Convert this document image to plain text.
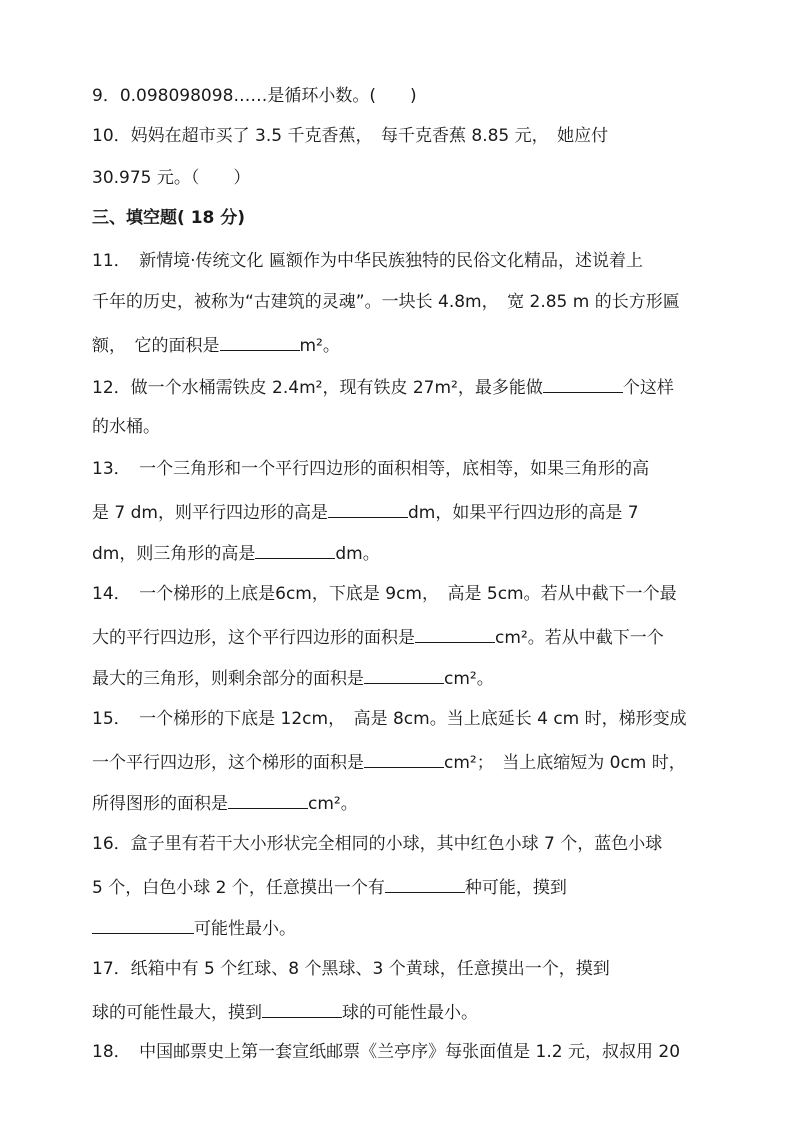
9．0.098098098……是循环小数。(　　)
10．妈妈在超市买了 3.5 千克香蕉，　每千克香蕉 8.85 元，　她应付
30.975 元。（　　）
三、填空题( 18 分)
11．　新情境·传统文化 匾额作为中华民族独特的民俗文化精品，述说着上
千年的历史，被称为“古建筑的灵魂”。一块长 4.8m，　宽 2.85 m 的长方形匾
额，　它的面积是	m²。
12．做一个水桶需铁皮 2.4m²，现有铁皮 27m²，最多能做	个这样
的水桶。
13．　一个三角形和一个平行四边形的面积相等，底相等，如果三角形的高
是 7 dm，则平行四边形的高是	dm，如果平行四边形的高是 7
dm，则三角形的高是	dm。
14．　一个梯形的上底是6cm，下底是 9cm，　高是 5cm。若从中截下一个最
大的平行四边形，这个平行四边形的面积是	cm²。若从中截下一个
最大的三角形，则剩余部分的面积是	cm²。
15．　一个梯形的下底是 12cm，　高是 8cm。当上底延长 4 cm 时，梯形变成
一个平行四边形，这个梯形的面积是	cm²；　当上底缩短为 0cm 时，
所得图形的面积是	cm²。
16．盒子里有若干大小形状完全相同的小球，其中红色小球 7 个，蓝色小球
5 个，白色小球 2 个，任意摸出一个有	种可能，摸到
可能性最小。
17．纸箱中有 5 个红球、8 个黑球、3 个黄球，任意摸出一个，摸到
球的可能性最大，摸到	球的可能性最小。
18．　中国邮票史上第一套宣纸邮票《兰亭序》每张面值是 1.2 元，叔叔用 20
